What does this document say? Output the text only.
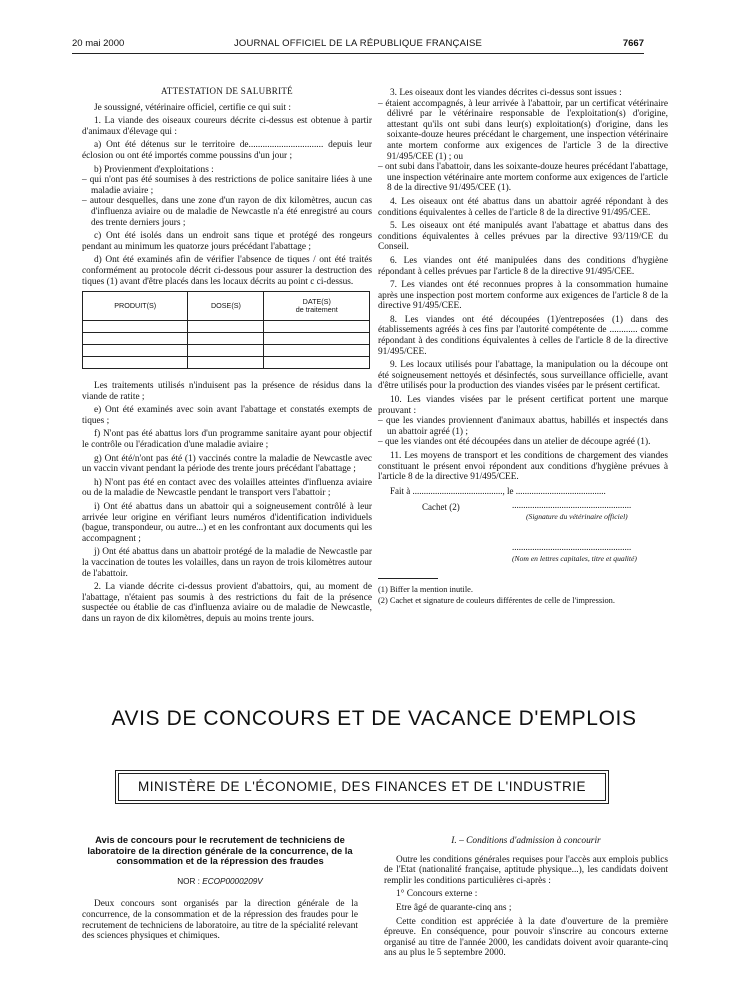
20 mai 2000	JOURNAL OFFICIEL DE LA RÉPUBLIQUE FRANÇAISE	7667

ATTESTATION DE SALUBRITÉ

Je soussigné, vétérinaire officiel, certifie ce qui suit :

1. La viande des oiseaux coureurs décrite ci-dessus est obtenue à partir d'animaux d'élevage qui :

a) Ont été détenus sur le territoire de................................ depuis leur éclosion ou ont été importés comme poussins d'un jour ;

b) Provienment d'exploitations :

– qui n'ont pas été soumises à des restrictions de police sanitaire liées à une maladie aviaire ;

– autour desquelles, dans une zone d'un rayon de dix kilomètres, aucun cas d'influenza aviaire ou de maladie de Newcastle n'a été enregistré au cours des trente derniers jours ;

c) Ont été isolés dans un endroit sans tique et protégé des rongeurs pendant au minimum les quatorze jours précédant l'abattage ;

d) Ont été examinés afin de vérifier l'absence de tiques / ont été traités conformément au protocole décrit ci-dessous pour assurer la destruction des tiques (1) avant d'être placés dans les locaux décrits au point c ci-dessus.

PRODUIT(S)	DOSE(S)	DATE(S)
de traitement

Les traitements utilisés n'induisent pas la présence de résidus dans la viande de ratite ;

e) Ont été examinés avec soin avant l'abattage et constatés exempts de tiques ;

f) N'ont pas été abattus lors d'un programme sanitaire ayant pour objectif le contrôle ou l'éradication d'une maladie aviaire ;

g) Ont été/n'ont pas été (1) vaccinés contre la maladie de Newcastle avec un vaccin vivant pendant la période des trente jours précédant l'abattage ;

h) N'ont pas été en contact avec des volailles atteintes d'influenza aviaire ou de la maladie de Newcastle pendant le transport vers l'abattoir ;

i) Ont été abattus dans un abattoir qui a soigneusement contrôlé à leur arrivée leur origine en vérifiant leurs numéros d'identification individuels (bague, transpondeur, ou autre...) et en les confrontant aux documents qui les accompagnent ;

j) Ont été abattus dans un abattoir protégé de la maladie de Newcastle par la vaccination de toutes les volailles, dans un rayon de trois kilomètres autour de l'abattoir.

2. La viande décrite ci-dessus provient d'abattoirs, qui, au moment de l'abattage, n'étaient pas soumis à des restrictions du fait de la présence suspectée ou établie de cas d'influenza aviaire ou de maladie de Newcastle, dans un rayon de dix kilomètres, depuis au moins trente jours.

3. Les oiseaux dont les viandes décrites ci-dessus sont issues :

– étaient accompagnés, à leur arrivée à l'abattoir, par un certificat vétérinaire délivré par le vétérinaire responsable de l'exploitation(s) d'origine, attestant qu'ils ont subi dans leur(s) exploitation(s) d'origine, dans les soixante-douze heures précédant le chargement, une inspection vétérinaire ante mortem conforme aux exigences de l'article 3 de la directive 91/495/CEE (1) ; ou

– ont subi dans l'abattoir, dans les soixante-douze heures précédant l'abattage, une inspection vétérinaire ante mortem conforme aux exigences de l'article 8 de la directive 91/495/CEE (1).

4. Les oiseaux ont été abattus dans un abattoir agréé répondant à des conditions équivalentes à celles de l'article 8 de la directive 91/495/CEE.

5. Les oiseaux ont été manipulés avant l'abattage et abattus dans des conditions équivalentes à celles prévues par la directive 93/119/CE du Conseil.

6. Les viandes ont été manipulées dans des conditions d'hygiène répondant à celles prévues par l'article 8 de la directive 91/495/CEE.

7. Les viandes ont été reconnues propres à la consommation humaine après une inspection post mortem conforme aux exigences de l'article 8 de la directive 91/495/CEE.

8. Les viandes ont été découpées (1)/entreposées (1) dans des établissements agréés à ces fins par l'autorité compétente de ............ comme répondant à des conditions équivalentes à celles de l'article 8 de la directive 91/495/CEE.

9. Les locaux utilisés pour l'abattage, la manipulation ou la découpe ont été soigneusement nettoyés et désinfectés, sous surveillance officielle, avant d'être utilisés pour la production des viandes visées par le présent certificat.

10. Les viandes visées par le présent certificat portent une marque prouvant :

– que les viandes proviennent d'animaux abattus, habillés et inspectés dans un abattoir agréé (1) ;

– que les viandes ont été découpées dans un atelier de découpe agréé (1).

11. Les moyens de transport et les conditions de chargement des viandes constituant le présent envoi répondent aux conditions d'hygiène prévues à l'article 8 de la directive 91/495/CEE.

Fait à ........................................, le ........................................

Cachet (2)	.....................................................
(Signature du vétérinaire officiel)
.....................................................
(Nom en lettres capitales, titre et qualité)
(1) Biffer la mention inutile.
(2) Cachet et signature de couleurs différentes de celle de l'impression.
AVIS DE CONCOURS ET DE VACANCE D'EMPLOIS
MINISTÈRE DE L'ÉCONOMIE, DES FINANCES ET DE L'INDUSTRIE
Avis de concours pour le recrutement de techniciens de laboratoire de la direction générale de la concurrence, de la consommation et de la répression des fraudes
NOR : ECOP0000209V

Deux concours sont organisés par la direction générale de la concurrence, de la consommation et de la répression des fraudes pour le recrutement de techniciens de laboratoire, au titre de la spécialité relevant des sciences physiques et chimiques.

I. – Conditions d'admission à concourir

Outre les conditions générales requises pour l'accès aux emplois publics de l'Etat (nationalité française, aptitude physique...), les candidats doivent remplir les conditions particulières ci-après :

1° Concours externe :

Etre âgé de quarante-cinq ans ;

Cette condition est appréciée à la date d'ouverture de la première épreuve. En conséquence, pour pouvoir s'inscrire au concours externe organisé au titre de l'année 2000, les candidats doivent avoir quarante-cinq ans au plus le 5 septembre 2000.
